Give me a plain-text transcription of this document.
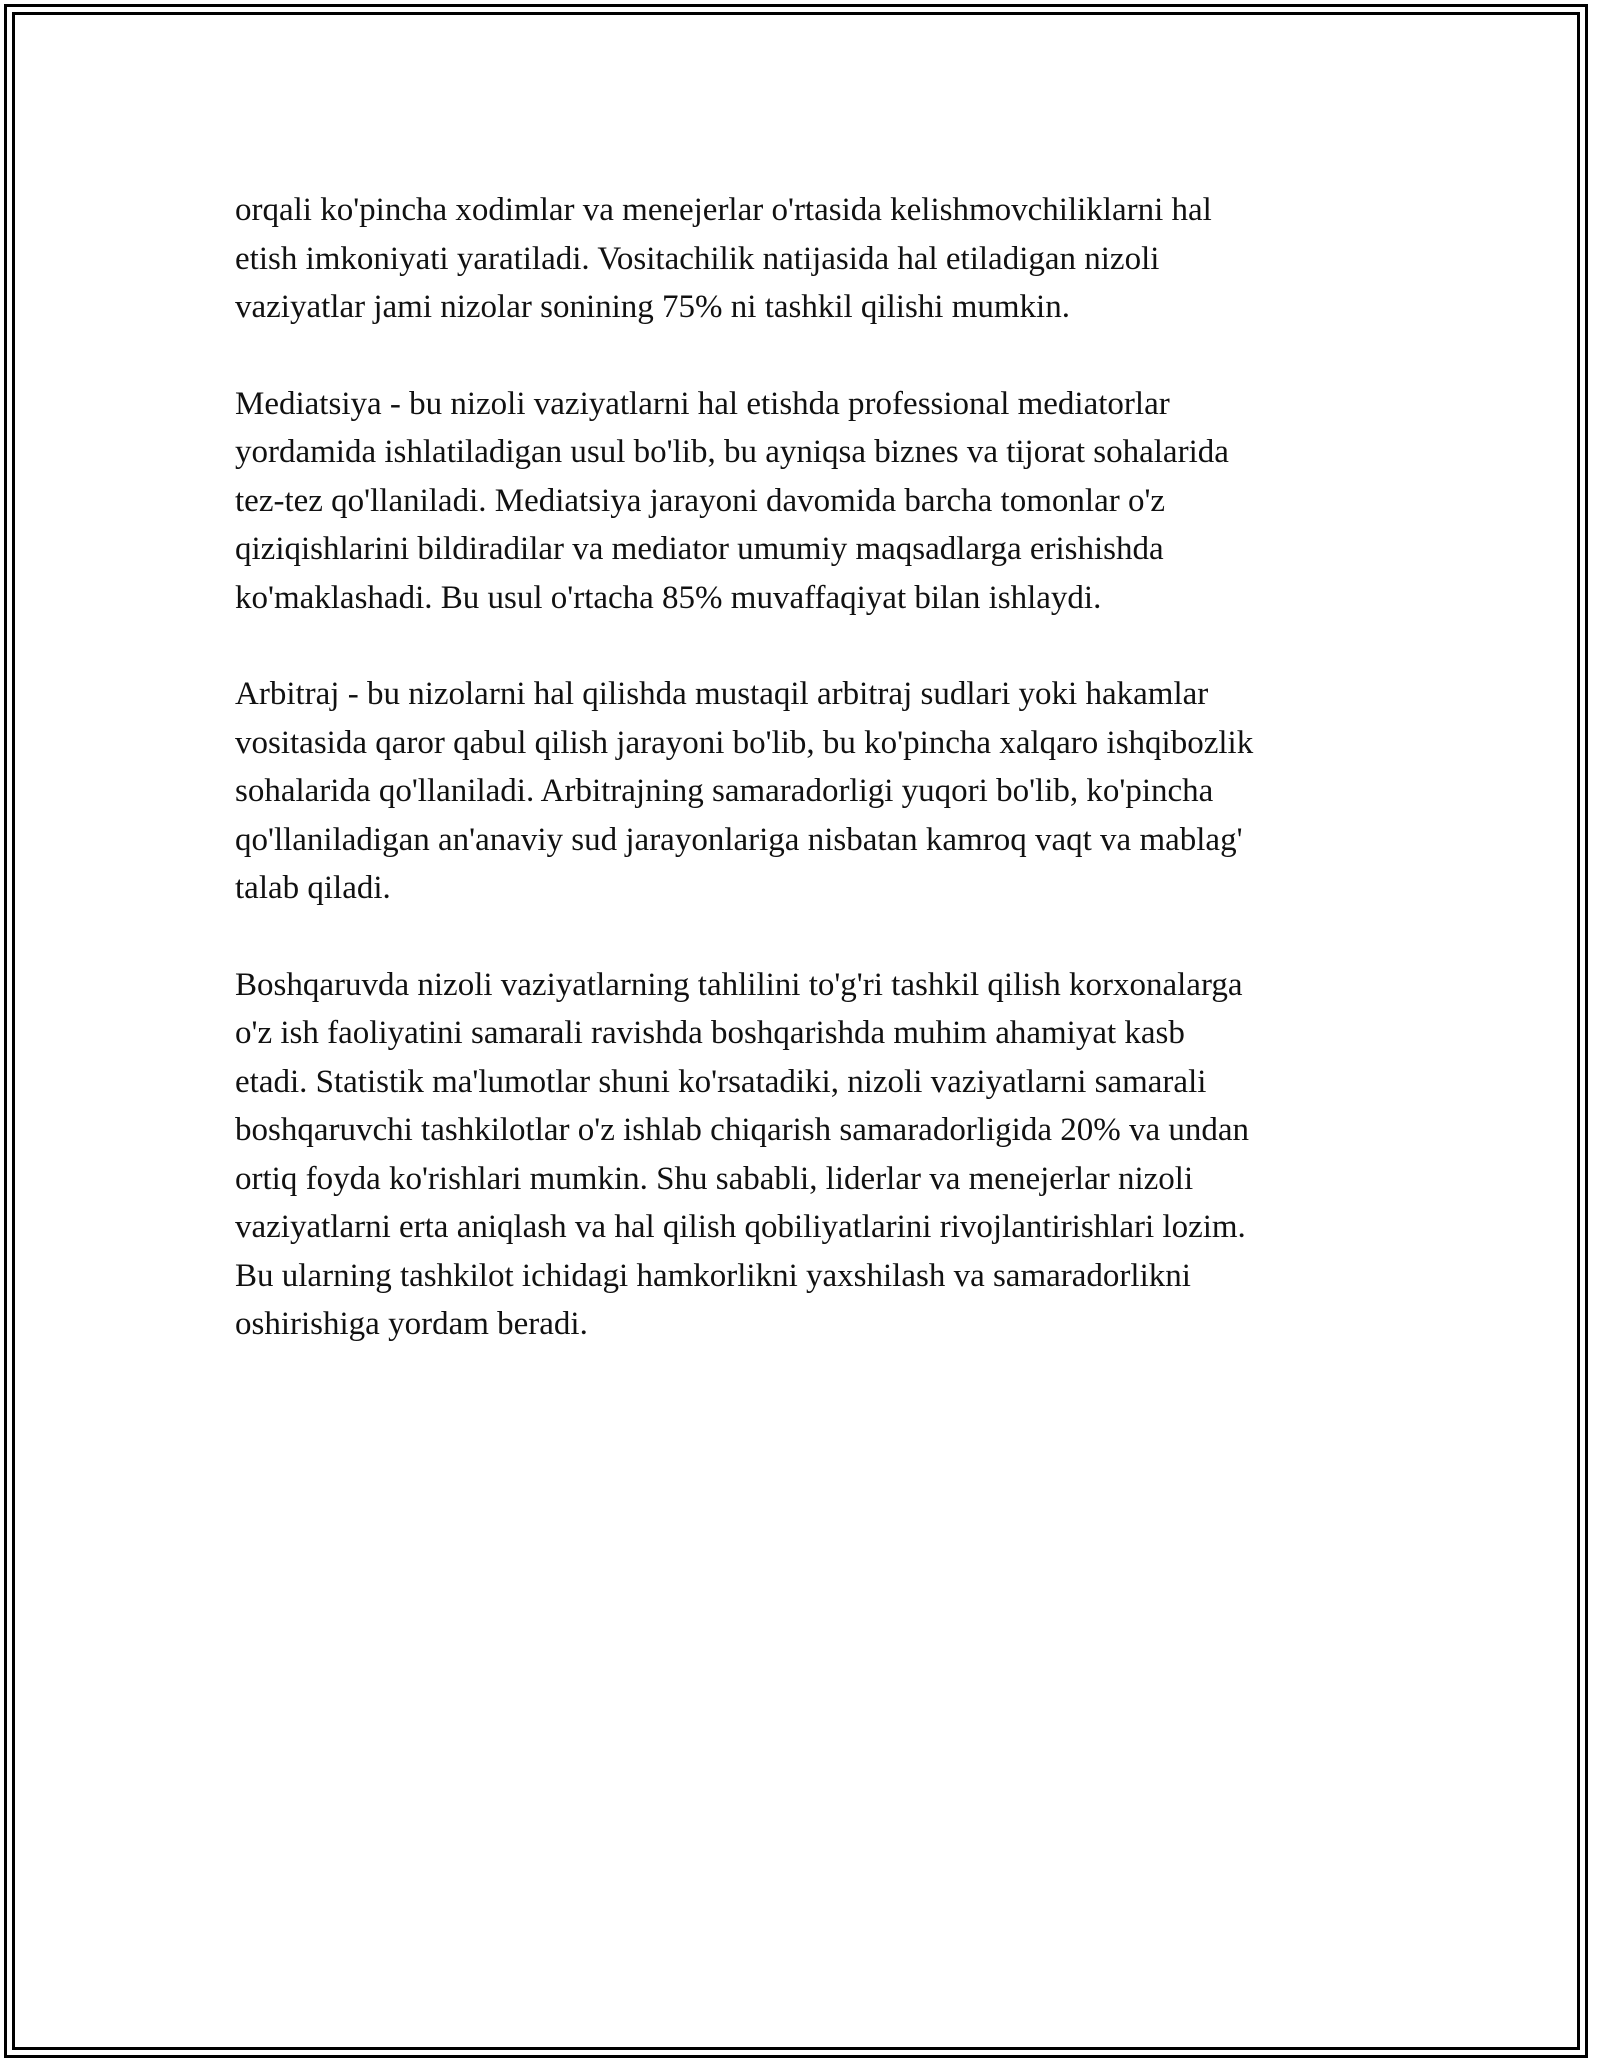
orqali ko'pincha xodimlar va menejerlar o'rtasida kelishmovchiliklarni hal
etish imkoniyati yaratiladi. Vositachilik natijasida hal etiladigan nizoli
vaziyatlar jami nizolar sonining 75% ni tashkil qilishi mumkin.

Mediatsiya - bu nizoli vaziyatlarni hal etishda professional mediatorlar
yordamida ishlatiladigan usul bo'lib, bu ayniqsa biznes va tijorat sohalarida
tez-tez qo'llaniladi. Mediatsiya jarayoni davomida barcha tomonlar o'z
qiziqishlarini bildiradilar va mediator umumiy maqsadlarga erishishda
ko'maklashadi. Bu usul o'rtacha 85% muvaffaqiyat bilan ishlaydi.

Arbitraj - bu nizolarni hal qilishda mustaqil arbitraj sudlari yoki hakamlar
vositasida qaror qabul qilish jarayoni bo'lib, bu ko'pincha xalqaro ishqibozlik
sohalarida qo'llaniladi. Arbitrajning samaradorligi yuqori bo'lib, ko'pincha
qo'llaniladigan an'anaviy sud jarayonlariga nisbatan kamroq vaqt va mablag'
talab qiladi.

Boshqaruvda nizoli vaziyatlarning tahlilini to'g'ri tashkil qilish korxonalarga
o'z ish faoliyatini samarali ravishda boshqarishda muhim ahamiyat kasb
etadi. Statistik ma'lumotlar shuni ko'rsatadiki, nizoli vaziyatlarni samarali
boshqaruvchi tashkilotlar o'z ishlab chiqarish samaradorligida 20% va undan
ortiq foyda ko'rishlari mumkin. Shu sababli, liderlar va menejerlar nizoli
vaziyatlarni erta aniqlash va hal qilish qobiliyatlarini rivojlantirishlari lozim.
Bu ularning tashkilot ichidagi hamkorlikni yaxshilash va samaradorlikni
oshirishiga yordam beradi.
